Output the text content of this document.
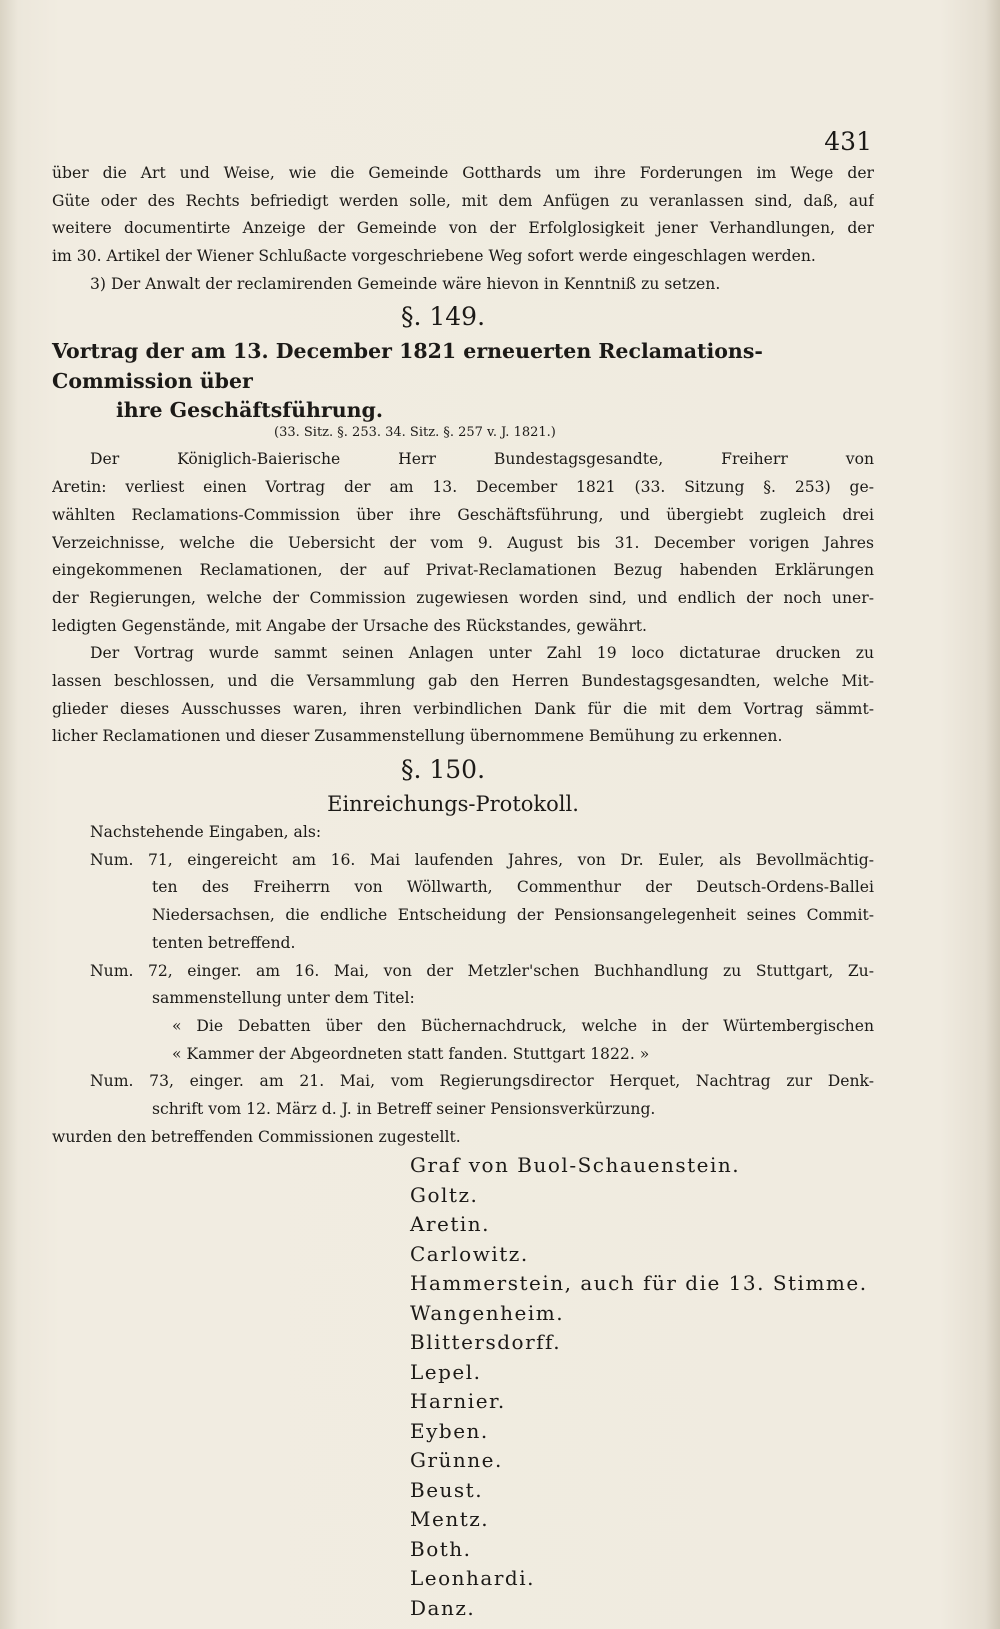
431
über die Art und Weise, wie die Gemeinde Gotthards um ihre Forderungen im Wege der
Güte oder des Rechts befriedigt werden solle, mit dem Anfügen zu veranlassen sind, daß, auf
weitere documentirte Anzeige der Gemeinde von der Erfolglosigkeit jener Verhandlungen, der
im 30. Artikel der Wiener Schlußacte vorgeschriebene Weg sofort werde eingeschlagen werden.
3) Der Anwalt der reclamirenden Gemeinde wäre hievon in Kenntniß zu setzen.
§. 149.
Vortrag der am 13. December 1821 erneuerten Reclamations-Commission über
ihre Geschäftsführung.
(33. Sitz. §. 253. 34. Sitz. §. 257 v. J. 1821.)
Der Königlich-Baierische Herr Bundestagsgesandte, Freiherr von
Aretin: verliest einen Vortrag der am 13. December 1821 (33. Sitzung §. 253) ge-
wählten Reclamations-Commission über ihre Geschäftsführung, und übergiebt zugleich drei
Verzeichnisse, welche die Uebersicht der vom 9. August bis 31. December vorigen Jahres
eingekommenen Reclamationen, der auf Privat-Reclamationen Bezug habenden Erklärungen
der Regierungen, welche der Commission zugewiesen worden sind, und endlich der noch uner-
ledigten Gegenstände, mit Angabe der Ursache des Rückstandes, gewährt.
Der Vortrag wurde sammt seinen Anlagen unter Zahl 19 loco dictaturae drucken zu
lassen beschlossen, und die Versammlung gab den Herren Bundestagsgesandten, welche Mit-
glieder dieses Ausschusses waren, ihren verbindlichen Dank für die mit dem Vortrag sämmt-
licher Reclamationen und dieser Zusammenstellung übernommene Bemühung zu erkennen.
§. 150.
Einreichungs-Protokoll.
Nachstehende Eingaben, als:
Num. 71, eingereicht am 16. Mai laufenden Jahres, von Dr. Euler, als Bevollmächtig-
ten des Freiherrn von Wöllwarth, Commenthur der Deutsch-Ordens-Ballei
Niedersachsen, die endliche Entscheidung der Pensionsangelegenheit seines Commit-
tenten betreffend.
Num. 72, einger. am 16. Mai, von der Metzler'schen Buchhandlung zu Stuttgart, Zu-
sammenstellung unter dem Titel:
« Die Debatten über den Büchernachdruck, welche in der Würtembergischen
« Kammer der Abgeordneten statt fanden. Stuttgart 1822. »
Num. 73, einger. am 21. Mai, vom Regierungsdirector Herquet, Nachtrag zur Denk-
schrift vom 12. März d. J. in Betreff seiner Pensionsverkürzung.
wurden den betreffenden Commissionen zugestellt.
Graf von Buol-Schauenstein.
Goltz.
Aretin.
Carlowitz.
Hammerstein, auch für die 13. Stimme.
Wangenheim.
Blittersdorff.
Lepel.
Harnier.
Eyben.
Grünne.
Beust.
Mentz.
Both.
Leonhardi.
Danz.
